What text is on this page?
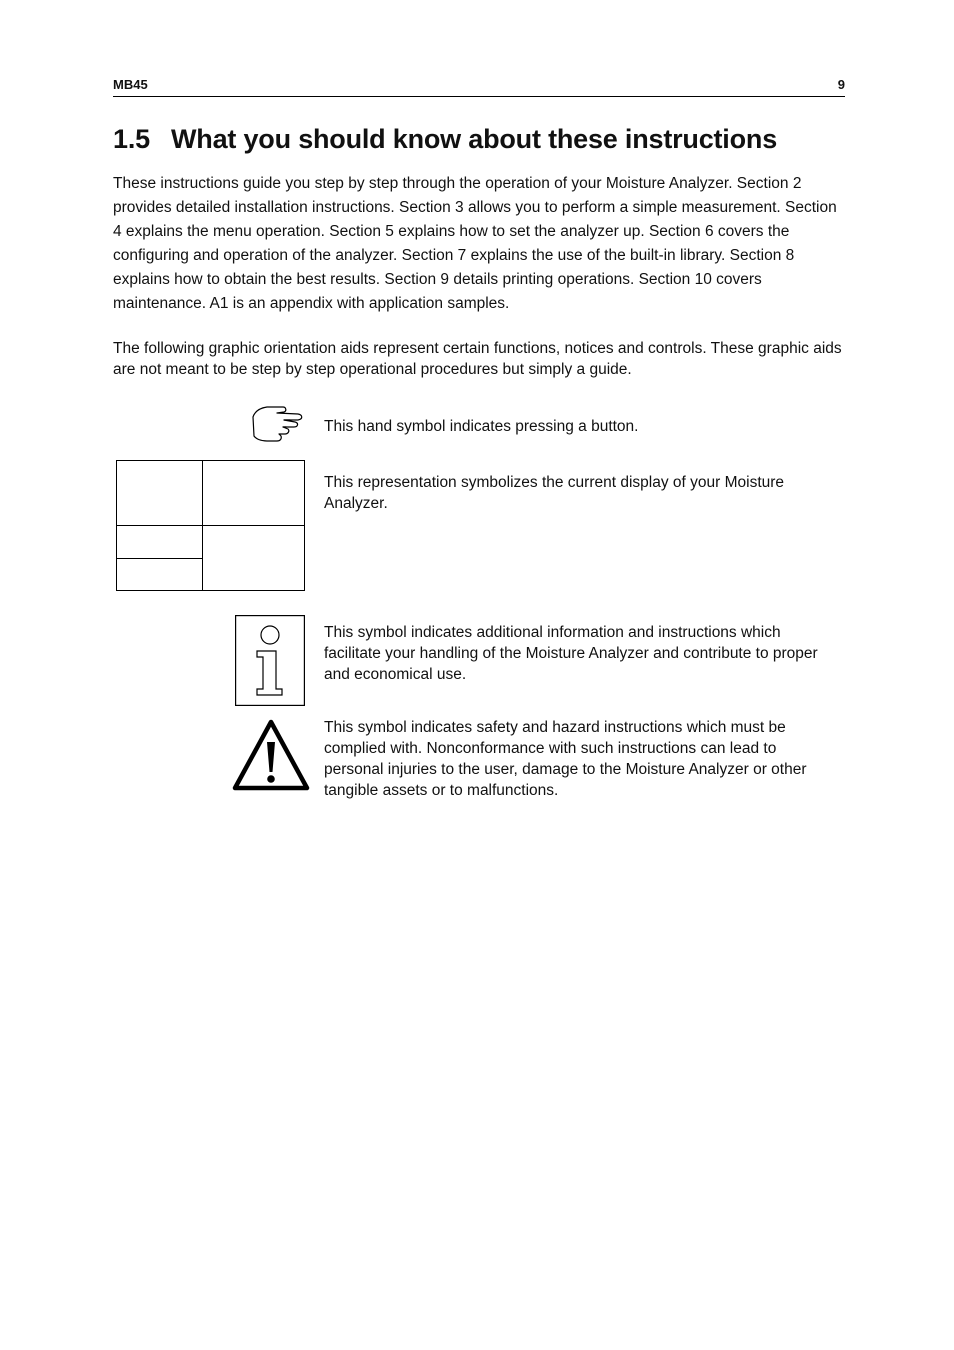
MB45	9
1.5 What you should know about these instructions

These instructions guide you step by step through the operation of your Moisture Analyzer. Section 2 provides detailed installation instructions. Section 3 allows you to perform a simple measurement. Section 4 explains the menu operation. Section 5 explains how to set the analyzer up. Section 6 covers the configuring and operation of the analyzer. Section 7 explains the use of the built-in library. Section 8 explains how to obtain the best results. Section 9 details printing operations. Section 10 covers maintenance. A1 is an appendix with application samples.

The following graphic orientation aids represent certain functions, notices and controls. These graphic aids are not meant to be step by step operational procedures but simply a guide.

This hand symbol indicates pressing a button.

This representation symbolizes the current display of your Moisture Analyzer.

This symbol indicates additional information and instructions which facilitate your handling of the Moisture Analyzer and contribute to proper and economical use.

This symbol indicates safety and hazard instructions which must be complied with. Nonconformance with such instructions can lead to personal injuries to the user, damage to the Moisture Analyzer or other tangible assets or to malfunctions.
